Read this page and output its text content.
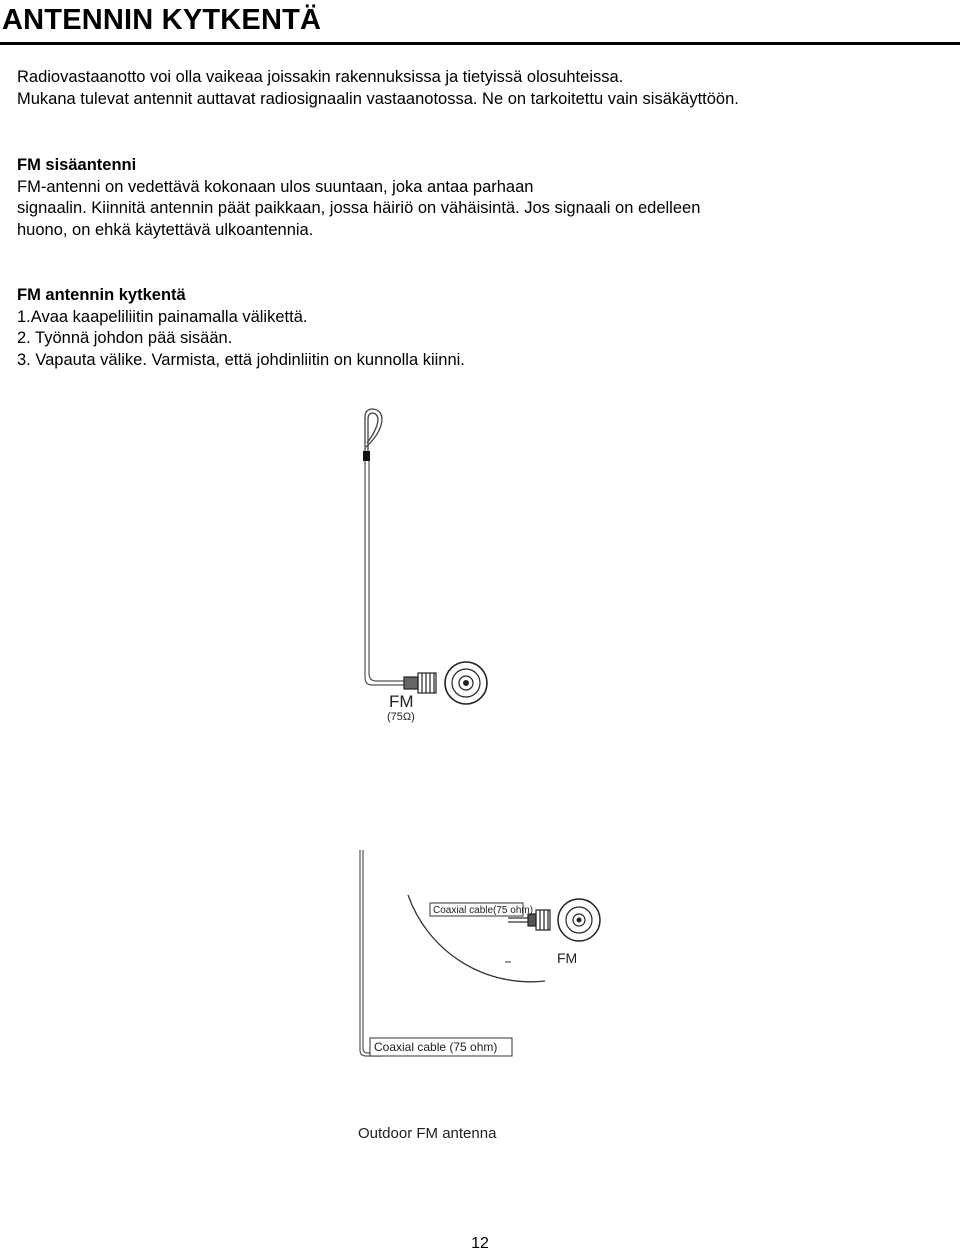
ANTENNIN KYTKENTÄ

Radiovastaanotto voi olla vaikeaa joissakin rakennuksissa ja tietyissä olosuhteissa.

Mukana tulevat antennit auttavat radiosignaalin vastaanotossa. Ne on tarkoitettu vain sisäkäyttöön.

FM sisäantenni

FM-antenni on vedettävä kokonaan ulos suuntaan, joka antaa parhaan

signaalin. Kiinnitä antennin päät paikkaan, jossa häiriö on vähäisintä. Jos signaali on edelleen

huono, on ehkä käytettävä ulkoantennia.

FM antennin kytkentä

1.Avaa kaapeliliitin painamalla välikettä.

2. Työnnä johdon pää sisään.

3. Vapauta välike. Varmista, että johdinliitin on kunnolla kiinni.

FM
(75Ω)
Coaxial cable(75 ohm)
FM
Coaxial cable (75 ohm)
Outdoor FM antenna
12
